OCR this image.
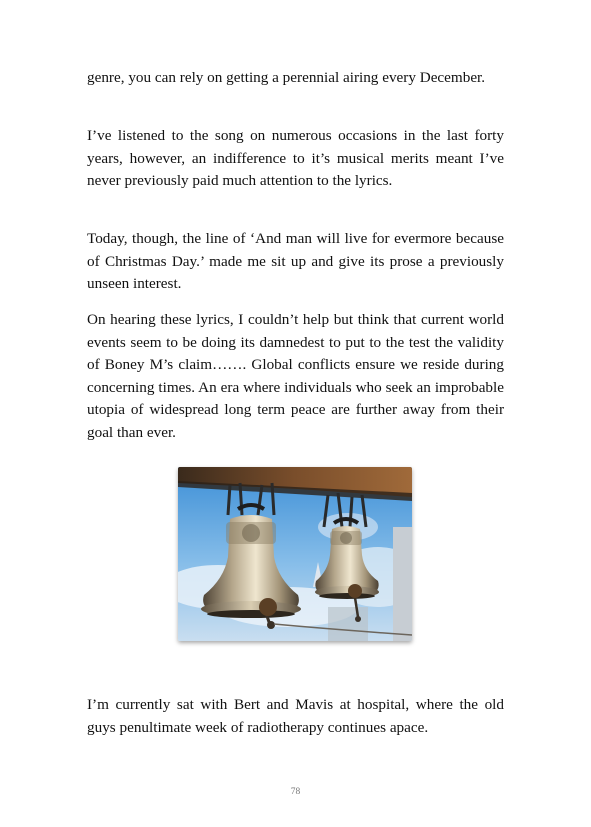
genre, you can rely on getting a perennial airing every December.

I’ve listened to the song on numerous occasions in the last forty years, however, an indifference to it’s musical merits meant I’ve never previously paid much attention to the lyrics.

Today, though, the line of ‘And man will live for evermore because of Christmas Day.’ made me sit up and give its prose a previously unseen interest.

On hearing these lyrics, I couldn’t help but think that current world events seem to be doing its damnedest to put to the test the validity of Boney M’s claim……. Global conflicts ensure we reside during concerning times. An era where individuals who seek an improbable utopia of widespread long term peace are further away from their goal than ever.

I’m currently sat with Bert and Mavis at hospital, where the old guys penultimate week of radiotherapy continues apace.

78
